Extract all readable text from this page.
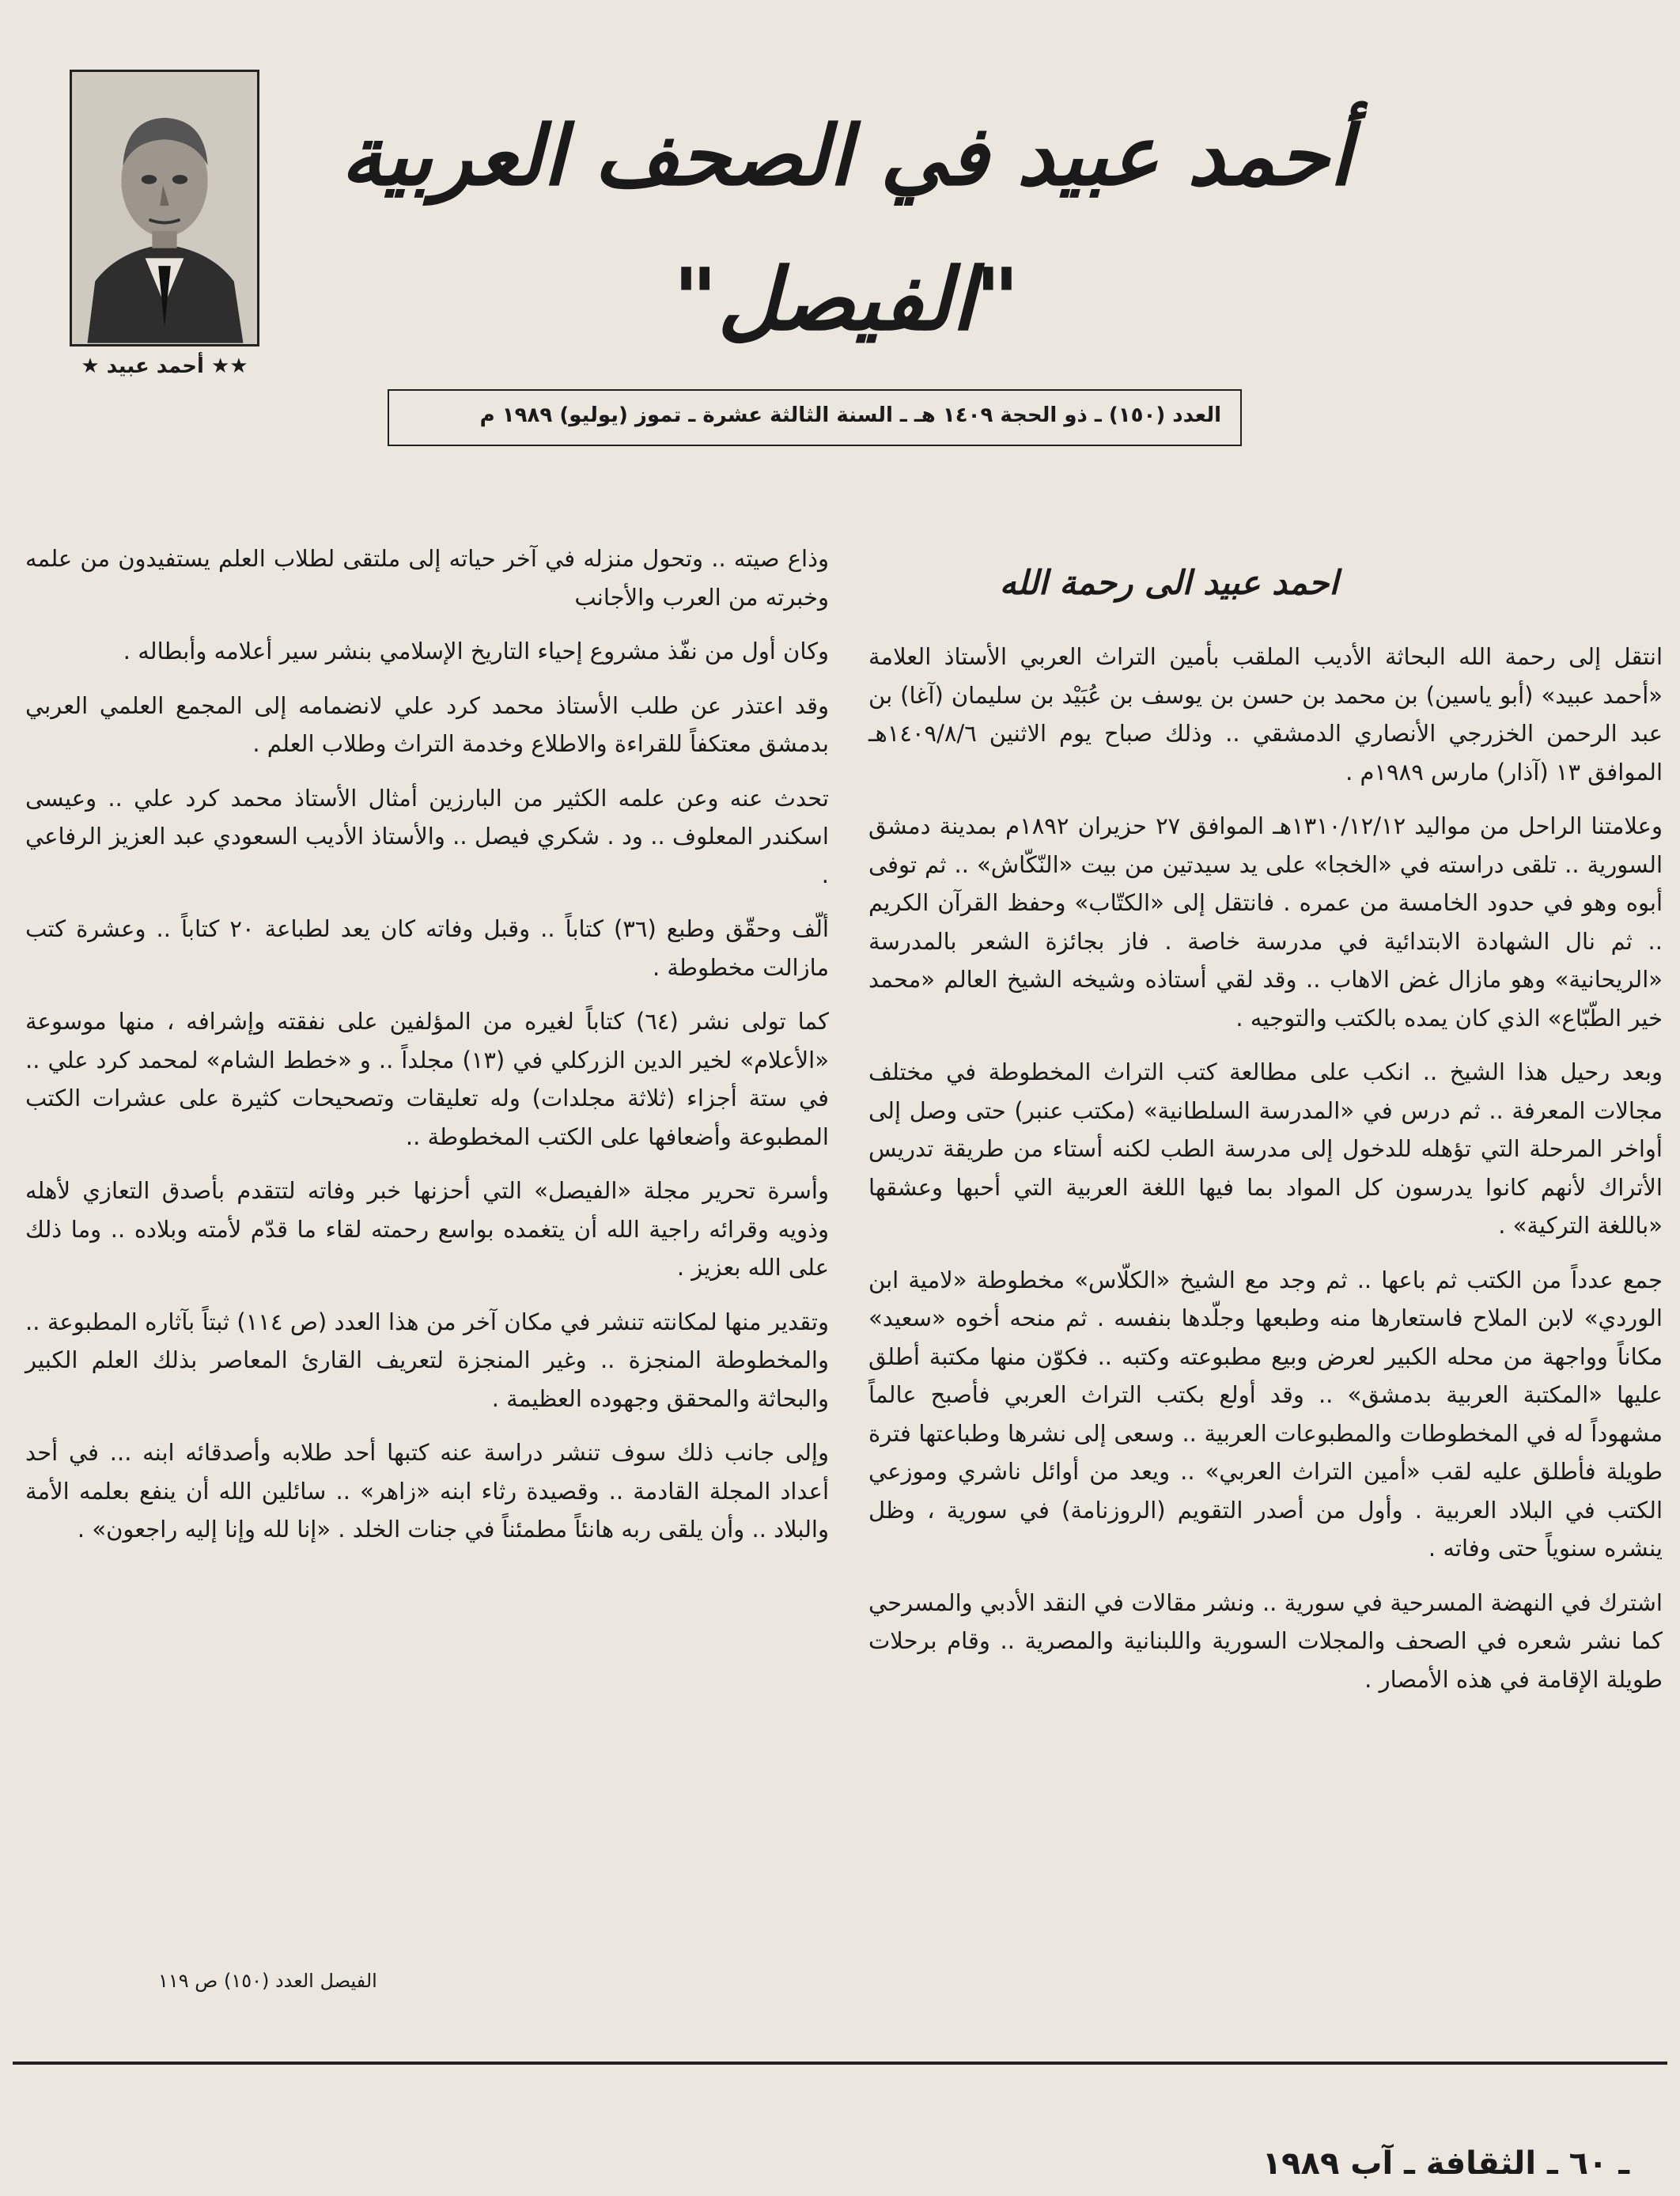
★★ أحمد عبيد ★
أحمد عبيد في الصحف العربية
"الفيصل"
العدد (١٥٠) ـ ذو الحجة ١٤٠٩ هـ ـ السنة الثالثة عشرة ـ تموز (يوليو) ١٩٨٩ م
احمد عبيد الى رحمة الله

انتقل إلى رحمة الله البحاثة الأديب الملقب بأمين التراث العربي الأستاذ العلامة «أحمد عبيد» (أبو ياسين) بن محمد بن حسن بن يوسف بن عُبَيْد بن سليمان (آغا) بن عبد الرحمن الخزرجي الأنصاري الدمشقي .. وذلك صباح يوم الاثنين ١٤٠٩/٨/٦هـ الموافق ١٣ (آذار) مارس ١٩٨٩م .

وعلامتنا الراحل من مواليد ١٣١٠/١٢/١٢هـ الموافق ٢٧ حزيران ١٨٩٢م بمدينة دمشق السورية .. تلقى دراسته في «الخجا» على يد سيدتين من بيت «النّكّاش» .. ثم توفى أبوه وهو في حدود الخامسة من عمره . فانتقل إلى «الكتّاب» وحفظ القرآن الكريم .. ثم نال الشهادة الابتدائية في مدرسة خاصة . فاز بجائزة الشعر بالمدرسة «الريحانية» وهو مازال غض الاهاب .. وقد لقي أستاذه وشيخه الشيخ العالم «محمد خير الطّبّاع» الذي كان يمده بالكتب والتوجيه .

وبعد رحيل هذا الشيخ .. انكب على مطالعة كتب التراث المخطوطة في مختلف مجالات المعرفة .. ثم درس في «المدرسة السلطانية» (مكتب عنبر) حتى وصل إلى أواخر المرحلة التي تؤهله للدخول إلى مدرسة الطب لكنه أستاء من طريقة تدريس الأتراك لأنهم كانوا يدرسون كل المواد بما فيها اللغة العربية التي أحبها وعشقها «باللغة التركية» .

جمع عدداً من الكتب ثم باعها .. ثم وجد مع الشيخ «الكلّاس» مخطوطة «لامية ابن الوردي» لابن الملاح فاستعارها منه وطبعها وجلّدها بنفسه . ثم منحه أخوه «سعيد» مكاناً وواجهة من محله الكبير لعرض وبيع مطبوعته وكتبه .. فكوّن منها مكتبة أطلق عليها «المكتبة العربية بدمشق» .. وقد أولع بكتب التراث العربي فأصبح عالماً مشهوداً له في المخطوطات والمطبوعات العربية .. وسعى إلى نشرها وطباعتها فترة طويلة فأطلق عليه لقب «أمين التراث العربي» .. ويعد من أوائل ناشري وموزعي الكتب في البلاد العربية . وأول من أصدر التقويم (الروزنامة) في سورية ، وظل ينشره سنوياً حتى وفاته .

اشترك في النهضة المسرحية في سورية .. ونشر مقالات في النقد الأدبي والمسرحي كما نشر شعره في الصحف والمجلات السورية واللبنانية والمصرية .. وقام برحلات طويلة الإقامة في هذه الأمصار .

وذاع صيته .. وتحول منزله في آخر حياته إلى ملتقى لطلاب العلم يستفيدون من علمه وخبرته من العرب والأجانب

وكان أول من نفّذ مشروع إحياء التاريخ الإسلامي بنشر سير أعلامه وأبطاله .

وقد اعتذر عن طلب الأستاذ محمد كرد علي لانضمامه إلى المجمع العلمي العربي بدمشق معتكفاً للقراءة والاطلاع وخدمة التراث وطلاب العلم .

تحدث عنه وعن علمه الكثير من البارزين أمثال الأستاذ محمد كرد علي .. وعيسى اسكندر المعلوف .. ود . شكري فيصل .. والأستاذ الأديب السعودي عبد العزيز الرفاعي .

ألّف وحقّق وطبع (٣٦) كتاباً .. وقبل وفاته كان يعد لطباعة ٢٠ كتاباً .. وعشرة كتب مازالت مخطوطة .

كما تولى نشر (٦٤) كتاباً لغيره من المؤلفين على نفقته وإشرافه ، منها موسوعة «الأعلام» لخير الدين الزركلي في (١٣) مجلداً .. و «خطط الشام» لمحمد كرد علي .. في ستة أجزاء (ثلاثة مجلدات) وله تعليقات وتصحيحات كثيرة على عشرات الكتب المطبوعة وأضعافها على الكتب المخطوطة ..

وأسرة تحرير مجلة «الفيصل» التي أحزنها خبر وفاته لتتقدم بأصدق التعازي لأهله وذويه وقرائه راجية الله أن يتغمده بواسع رحمته لقاء ما قدّم لأمته وبلاده .. وما ذلك على الله بعزيز .

وتقدير منها لمكانته تنشر في مكان آخر من هذا العدد (ص ١١٤) ثبتاً بآثاره المطبوعة .. والمخطوطة المنجزة .. وغير المنجزة لتعريف القارئ المعاصر بذلك العلم الكبير والبحاثة والمحقق وجهوده العظيمة .

وإلى جانب ذلك سوف تنشر دراسة عنه كتبها أحد طلابه وأصدقائه ابنه ... في أحد أعداد المجلة القادمة .. وقصيدة رثاء ابنه «زاهر» .. سائلين الله أن ينفع بعلمه الأمة والبلاد .. وأن يلقى ربه هانئاً مطمئناً في جنات الخلد . «إنا لله وإنا إليه راجعون» .

الفيصل العدد (١٥٠) ص ١١٩
ـ ٦٠ ـ الثقافة ـ آب ١٩٨٩
